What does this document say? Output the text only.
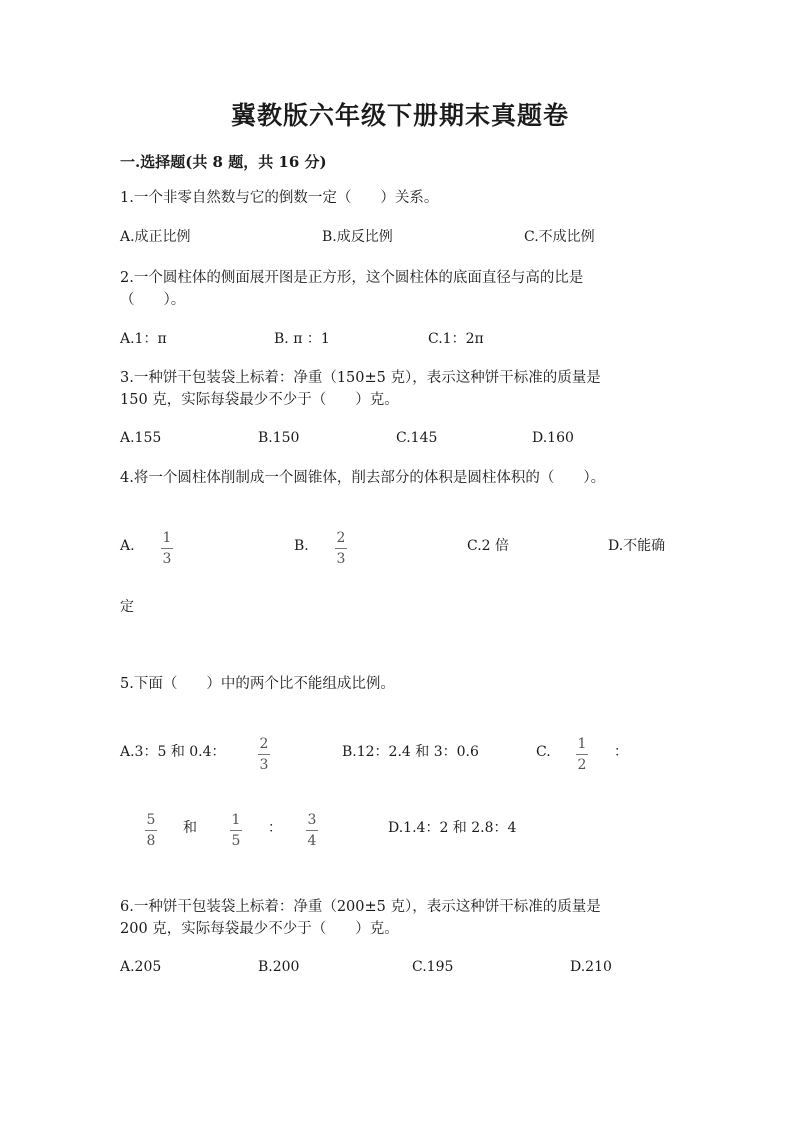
冀教版六年级下册期末真题卷
一.选择题(共 8 题，共 16 分)
1.一个非零自然数与它的倒数一定（　　）关系。
A.成正比例	B.成反比例	C.不成比例
2.一个圆柱体的侧面展开图是正方形，这个圆柱体的底面直径与高的比是
（　　）。
A.1：π	B. π ：1	C.1：2π
3.一种饼干包装袋上标着：净重（150±5 克），表示这种饼干标准的质量是
150 克，实际每袋最少不少于（　　）克。
A.155	B.150	C.145	D.160
4.将一个圆柱体削制成一个圆锥体，削去部分的体积是圆柱体积的（　　）。
A. 1
3
B. 2
3
C.2 倍	D.不能确
定
5.下面（　　）中的两个比不能组成比例。
A.3：5 和 0.4： 2
3
B.12：2.4 和 3：0.6	C. 1
2
：
5
8
和 1
5
： 3
4
D.1.4：2 和 2.8：4
6.一种饼干包装袋上标着：净重（200±5 克），表示这种饼干标准的质量是
200 克，实际每袋最少不少于（　　）克。
A.205	B.200	C.195	D.210
